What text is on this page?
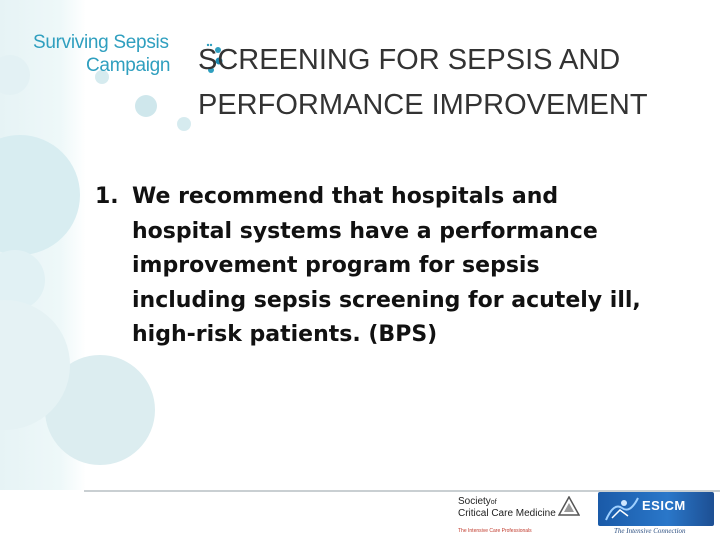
Surviving Sepsis
Campaign SCREENING FOR SEPSIS AND
PERFORMANCE IMPROVEMENT
1. We recommend that hospitals and
hospital systems have a performance
improvement program for sepsis
including sepsis screening for acutely ill,
high-risk patients. (BPS)
Societyof
Critical Care Medicine
The Intensive Care Professionals
ESICM
The Intensive Connection
